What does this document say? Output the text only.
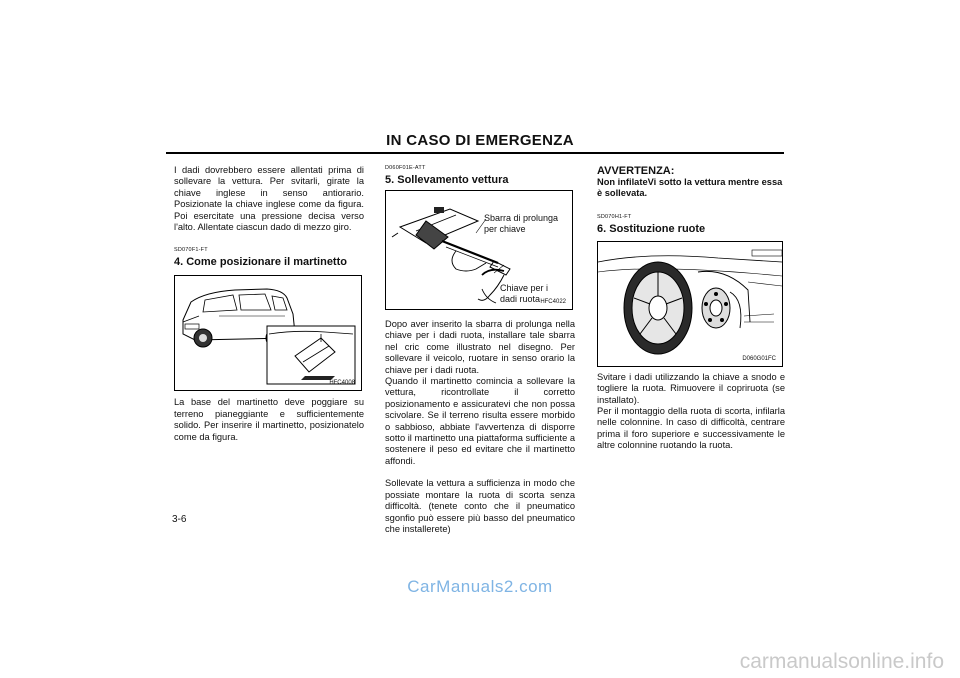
IN CASO DI EMERGENZA

I dadi dovrebbero essere allentati prima di sollevare la vettura. Per svitarli, girate la chiave inglese in senso antiorario. Posizionate la chiave inglese come da figura. Poi esercitate una pressione decisa verso l'alto. Allentate ciascun dado di mezzo giro.

SD070F1-FT

4. Come posizionare il martinetto

HFC4008

La base del martinetto deve poggiare su terreno pianeggiante e sufficientemente solido. Per inserire il martinetto, posizionatelo come da figura.

D060F01E-ATT

5. Sollevamento vettura

Sbarra di prolunga
per chiave
Chiave per i
dadi ruota HFC4022

Dopo aver inserito la sbarra di prolunga nella chiave per i dadi ruota, installare tale sbarra nel cric come illustrato nel disegno. Per sollevare il veicolo, ruotare in senso orario la chiave per i dadi ruota.
Quando il martinetto comincia a sollevare la vettura, ricontrollate il corretto posizionamento e assicuratevi che non possa scivolare. Se il terreno risulta essere morbido o sabbioso, abbiate l'avvertenza di disporre sotto il martinetto una piattaforma sufficiente a sostenere il peso ed evitare che il martinetto affondi.

Sollevate la vettura a sufficienza in modo che possiate montare la ruota di scorta senza difficoltà. (tenete conto che il pneumatico sgonfio può essere più basso del pneumatico che installerete)

AVVERTENZA:

Non infilateVi sotto la vettura mentre essa è sollevata.

SD070H1-FT

6. Sostituzione ruote

D060G01FC

Svitare i dadi utilizzando la chiave a snodo e togliere la ruota. Rimuovere il copriruota (se installato).
Per il montaggio della ruota di scorta, infilarla nelle colonnine. In caso di difficoltà, centrare prima il foro superiore e successivamente le altre colonnine ruotando la ruota.

3-6
CarManuals2.com
carmanualsonline.info
